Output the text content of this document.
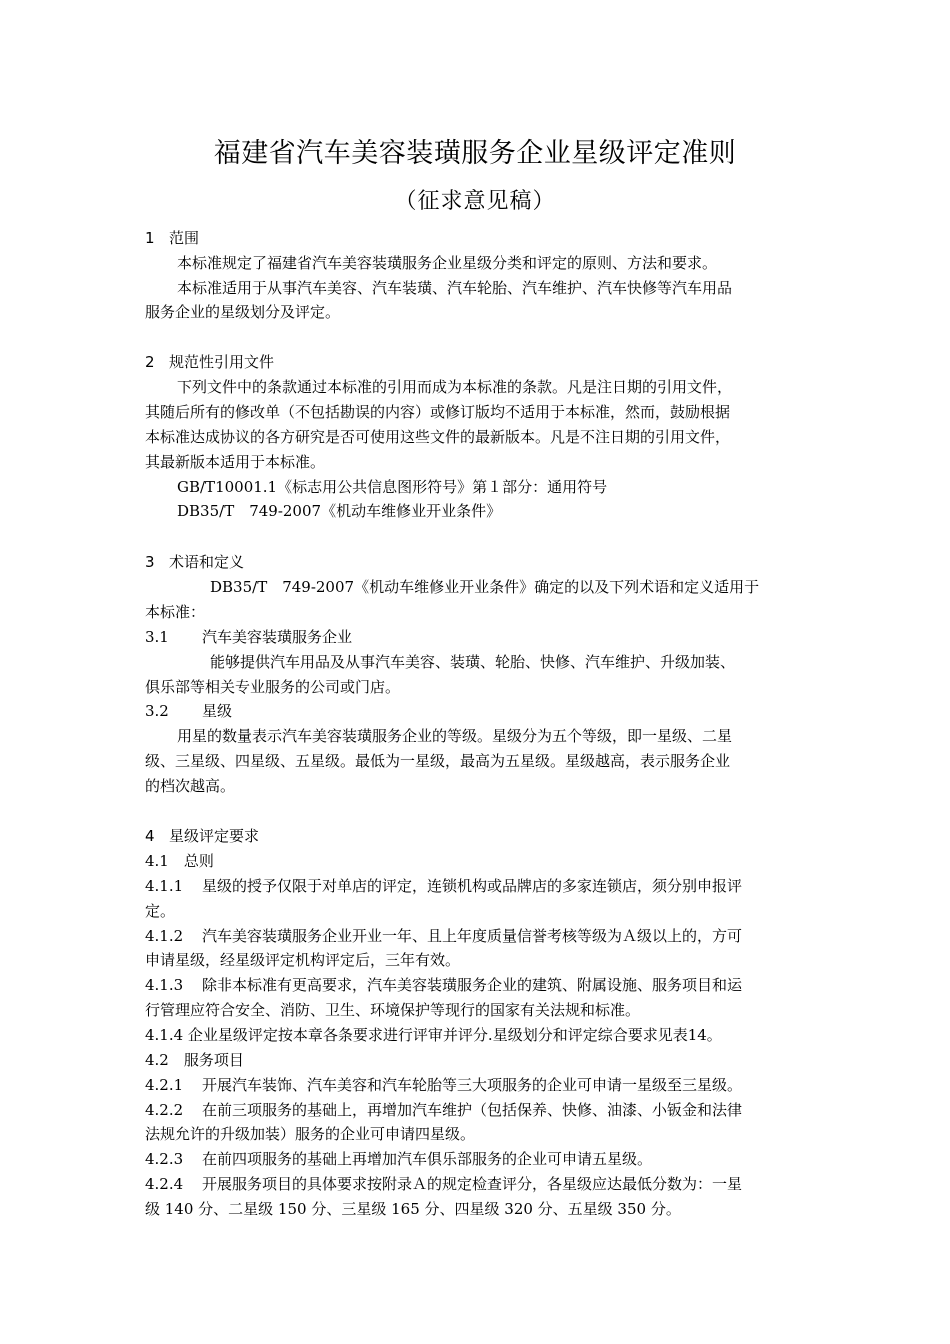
福建省汽车美容装璜服务企业星级评定准则
（征求意见稿）
1 范围
本标准规定了福建省汽车美容装璜服务企业星级分类和评定的原则、方法和要求。
本标准适用于从事汽车美容、汽车装璜、汽车轮胎、汽车维护、汽车快修等汽车用品
服务企业的星级划分及评定。
2 规范性引用文件
下列文件中的条款通过本标准的引用而成为本标准的条款。凡是注日期的引用文件，
其随后所有的修改单（不包括勘误的内容）或修订版均不适用于本标准，然而，鼓励根据
本标准达成协议的各方研究是否可使用这些文件的最新版本。凡是不注日期的引用文件，
其最新版本适用于本标准。
GB/T10001.1《标志用公共信息图形符号》第１部分：通用符号
DB35/T　749-2007《机动车维修业开业条件》
3 术语和定义
DB35/T　749-2007《机动车维修业开业条件》确定的以及下列术语和定义适用于
本标准：
3.1 汽车美容装璜服务企业
能够提供汽车用品及从事汽车美容、装璜、轮胎、快修、汽车维护、升级加装、
俱乐部等相关专业服务的公司或门店。
3.2 星级
用星的数量表示汽车美容装璜服务企业的等级。星级分为五个等级，即一星级、二星
级、三星级、四星级、五星级。最低为一星级，最高为五星级。星级越高，表示服务企业
的档次越高。
4 星级评定要求
4.1　总则
4.1.1 星级的授予仅限于对单店的评定，连锁机构或品牌店的多家连锁店，须分别申报评
定。
4.1.2 汽车美容装璜服务企业开业一年、且上年度质量信誉考核等级为Ａ级以上的，方可
申请星级，经星级评定机构评定后，三年有效。
4.1.3 除非本标准有更高要求，汽车美容装璜服务企业的建筑、附属设施、服务项目和运
行管理应符合安全、消防、卫生、环境保护等现行的国家有关法规和标准。
4.1.4 企业星级评定按本章各条要求进行评审并评分.星级划分和评定综合要求见表14。
4.2　服务项目
4.2.1 开展汽车装饰、汽车美容和汽车轮胎等三大项服务的企业可申请一星级至三星级。
4.2.2 在前三项服务的基础上，再增加汽车维护（包括保养、快修、油漆、小钣金和法律
法规允许的升级加装）服务的企业可申请四星级。
4.2.3 在前四项服务的基础上再增加汽车俱乐部服务的企业可申请五星级。
4.2.4 开展服务项目的具体要求按附录Ａ的规定检查评分，各星级应达最低分数为：一星
级 140 分、二星级 150 分、三星级 165 分、四星级 320 分、五星级 350 分。
